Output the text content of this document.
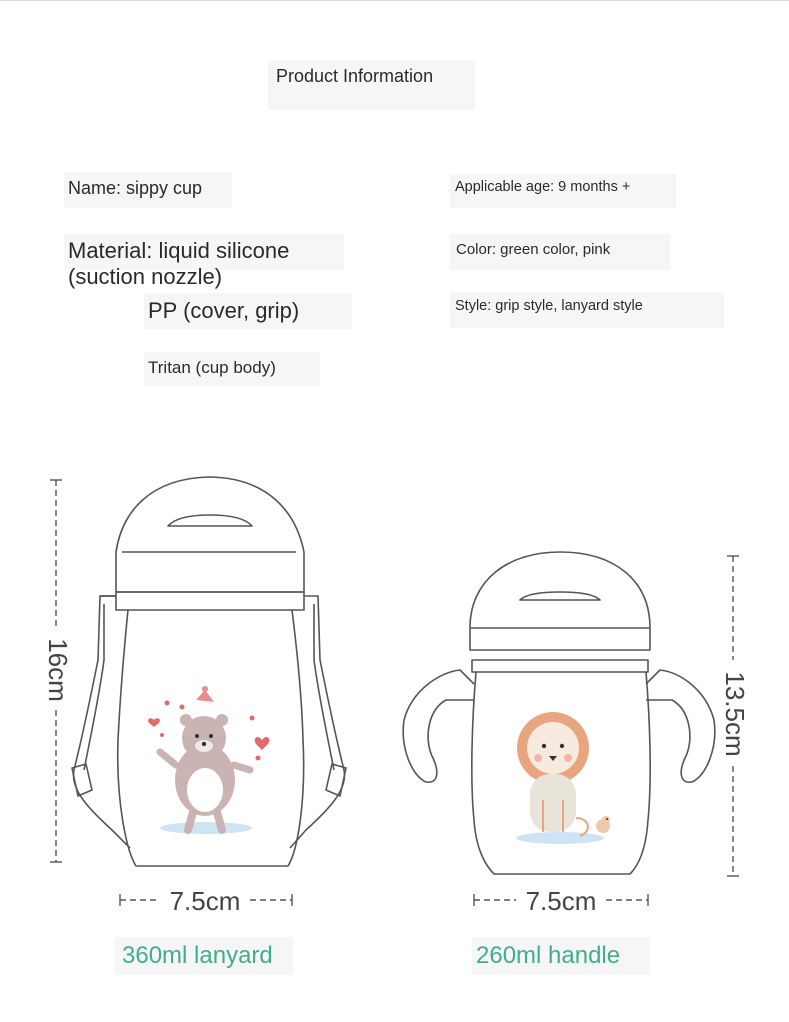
Product Information
Name: sippy cup
Material: liquid silicone
(suction nozzle)
PP (cover, grip)
Tritan (cup body)
Applicable age: 9 months +
Color: green color, pink
Style: grip style, lanyard style
16cm
13.5cm
7.5cm	7.5cm
360ml lanyard	260ml handle
